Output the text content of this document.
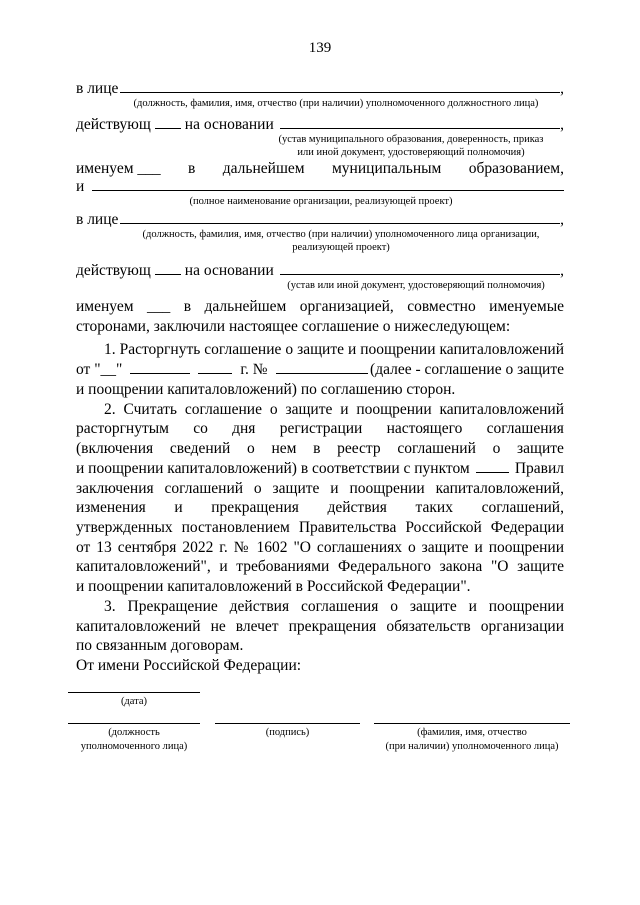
139
в лице	,
(должность, фамилия, имя, отчество (при наличии) уполномоченного должностного лица)
действующ на основании	,
(устав муниципального образования, доверенность, приказ
или иной документ, удостоверяющий полномочия)
именуем ___ в дальнейшем муниципальным образованием,
и
(полное наименование организации, реализующей проект)
в лице	,
(должность, фамилия, имя, отчество (при наличии) уполномоченного лица организации,
реализующей проект)
действующ на основании	,
(устав или иной документ, удостоверяющий полномочия)
именуем ___ в дальнейшем организацией, совместно именуемые
сторонами, заключили настоящее соглашение о нижеследующем:
1. Расторгнуть соглашение о защите и поощрении капиталовложений
от "__"	г. №	(далее - соглашение о защите
и поощрении капиталовложений) по соглашению сторон.
2. Считать соглашение о защите и поощрении капиталовложений
расторгнутым со дня регистрации настоящего соглашения
(включения сведений о нем в реестр соглашений о защите
и поощрении капиталовложений) в соответствии с пунктом	Правил
заключения соглашений о защите и поощрении капиталовложений,
изменения и прекращения действия таких соглашений,
утвержденных постановлением Правительства Российской Федерации
от 13 сентября 2022 г. № 1602 "О соглашениях о защите и поощрении
капиталовложений", и требованиями Федерального закона "О защите
и поощрении капиталовложений в Российской Федерации".
3. Прекращение действия соглашения о защите и поощрении
капиталовложений не влечет прекращения обязательств организации
по связанным договорам.
От имени Российской Федерации:
(дата)
(должность
уполномоченного лица)
(подпись)	(фамилия, имя, отчество
(при наличии) уполномоченного лица)
